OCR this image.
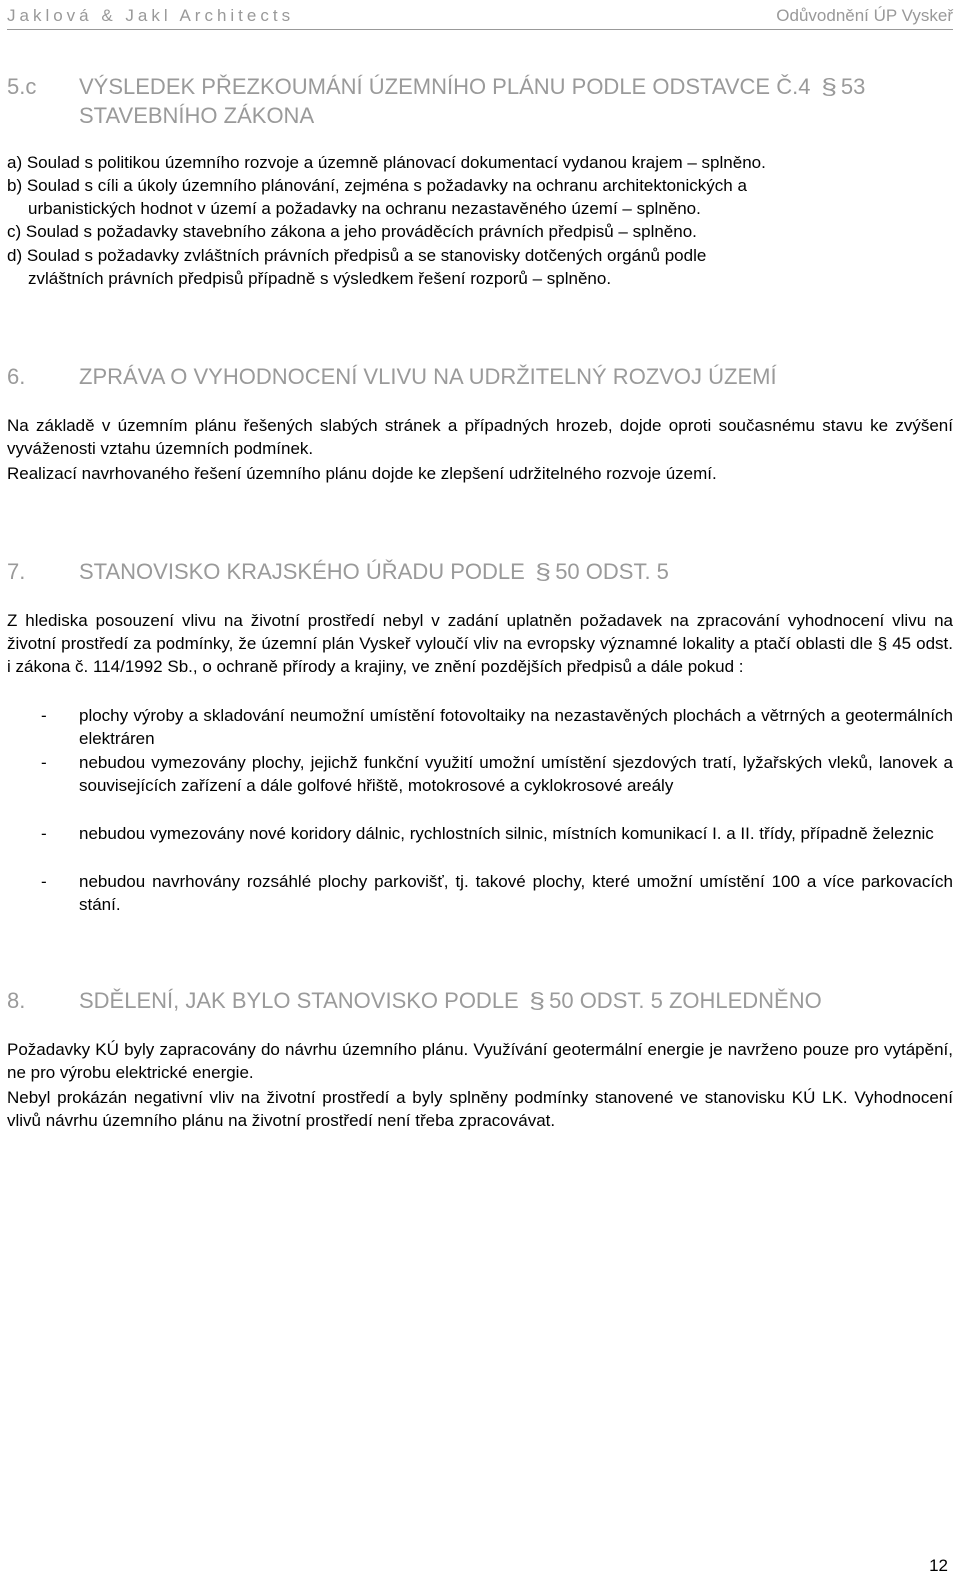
Jaklová & Jakl Architects	Odůvodnění ÚP Vyskeř
5.c VÝSLEDEK PŘEZKOUMÁNÍ ÚZEMNÍHO PLÁNU PODLE ODSTAVCE Č.4 § 53
STAVEBNÍHO ZÁKONA
a) Soulad s politikou územního rozvoje a územně plánovací dokumentací vydanou krajem – splněno.
b) Soulad s cíli a úkoly územního plánování, zejména s požadavky na ochranu architektonických a
urbanistických hodnot v území a požadavky na ochranu nezastavěného území – splněno.
c) Soulad s požadavky stavebního zákona a jeho prováděcích právních předpisů – splněno.
d) Soulad s požadavky zvláštních právních předpisů a se stanovisky dotčených orgánů podle
zvláštních právních předpisů případně s výsledkem řešení rozporů – splněno.
6. ZPRÁVA O VYHODNOCENÍ VLIVU NA UDRŽITELNÝ ROZVOJ ÚZEMÍ

Na základě v územním plánu řešených slabých stránek a případných hrozeb, dojde oproti současnému stavu ke zvýšení vyváženosti vztahu územních podmínek.

Realizací navrhovaného řešení územního plánu dojde ke zlepšení udržitelného rozvoje území.

7. STANOVISKO KRAJSKÉHO ÚŘADU PODLE § 50 ODST. 5

Z hlediska posouzení vlivu na životní prostředí nebyl v zadání uplatněn požadavek na zpracování vyhodnocení vlivu na životní prostředí za podmínky, že územní plán Vyskeř vyloučí vliv na evropsky významné lokality a ptačí oblasti dle § 45 odst. i zákona č. 114/1992 Sb., o ochraně přírody a krajiny, ve znění pozdějších předpisů a dále pokud :

- plochy výroby a skladování neumožní umístění fotovoltaiky na nezastavěných plochách a větrných a geotermálních elektráren
- nebudou vymezovány plochy, jejichž funkční využití umožní umístění sjezdových tratí, lyžařských vleků, lanovek a souvisejících zařízení a dále golfové hřiště, motokrosové a cyklokrosové areály
- nebudou vymezovány nové koridory dálnic, rychlostních silnic, místních komunikací I. a II. třídy, případně železnic
- nebudou navrhovány rozsáhlé plochy parkovišť, tj. takové plochy, které umožní umístění 100 a více parkovacích stání.
8. SDĚLENÍ, JAK BYLO STANOVISKO PODLE § 50 ODST. 5 ZOHLEDNĚNO

Požadavky KÚ byly zapracovány do návrhu územního plánu. Využívání geotermální energie je navrženo pouze pro vytápění, ne pro výrobu elektrické energie.

Nebyl prokázán negativní vliv na životní prostředí a byly splněny podmínky stanovené ve stanovisku KÚ LK. Vyhodnocení vlivů návrhu územního plánu na životní prostředí není třeba zpracovávat.

12
